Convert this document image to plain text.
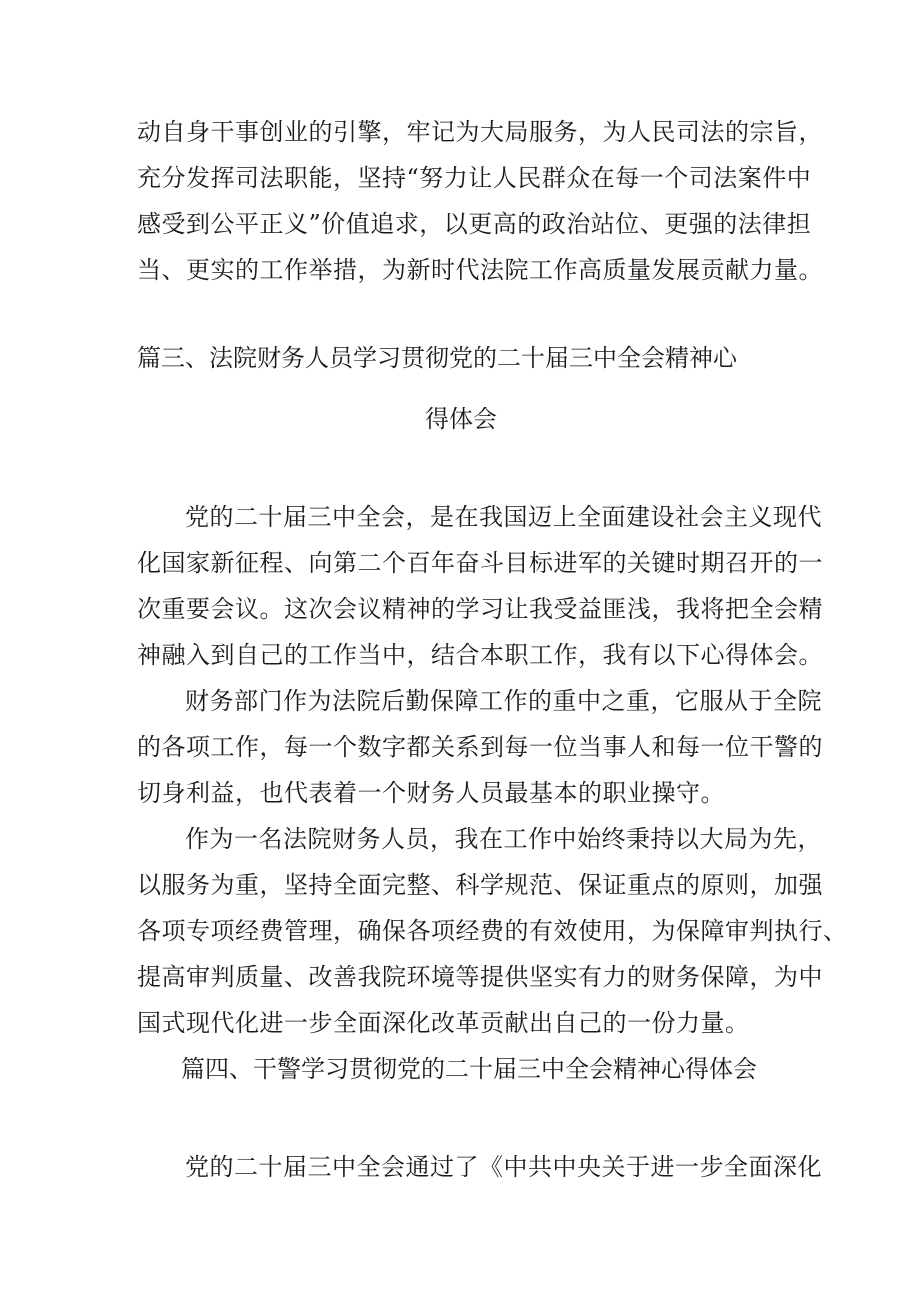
动自身干事创业的引擎，牢记为大局服务，为人民司法的宗旨，
充分发挥司法职能，坚持“努力让人民群众在每一个司法案件中
感受到公平正义”价值追求，以更高的政治站位、更强的法律担
当、更实的工作举措，为新时代法院工作高质量发展贡献力量。
篇三、法院财务人员学习贯彻党的二十届三中全会精神心
得体会
党的二十届三中全会，是在我国迈上全面建设社会主义现代
化国家新征程、向第二个百年奋斗目标进军的关键时期召开的一
次重要会议。这次会议精神的学习让我受益匪浅，我将把全会精
神融入到自己的工作当中，结合本职工作，我有以下心得体会。
财务部门作为法院后勤保障工作的重中之重，它服从于全院
的各项工作，每一个数字都关系到每一位当事人和每一位干警的
切身利益，也代表着一个财务人员最基本的职业操守。
作为一名法院财务人员，我在工作中始终秉持以大局为先，
以服务为重，坚持全面完整、科学规范、保证重点的原则，加强
各项专项经费管理，确保各项经费的有效使用，为保障审判执行、
提高审判质量、改善我院环境等提供坚实有力的财务保障，为中
国式现代化进一步全面深化改革贡献出自己的一份力量。
篇四、干警学习贯彻党的二十届三中全会精神心得体会
党的二十届三中全会通过了《中共中央关于进一步全面深化
